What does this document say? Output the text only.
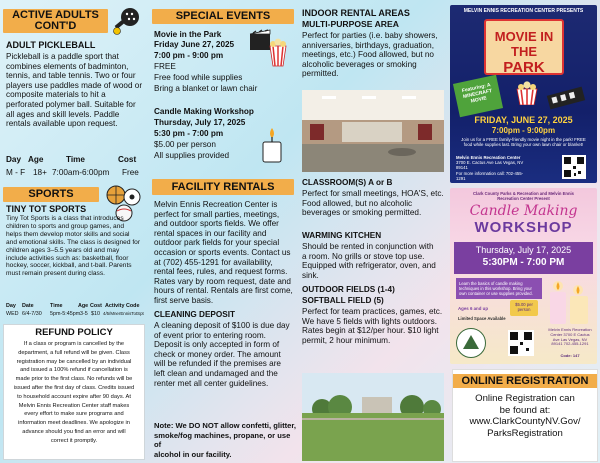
ACTIVE ADULTS CONT'D
ADULT PICKLEBALL
Pickleball is a paddle sport that
combines elements of badminton,
tennis, and table tennis. Two or four
players use paddles made of wood or
composite materials to hit a
perforated polymer ball. Suitable for
all ages and skill levels. Paddle
rentals available upon request.
Day Age	Time	Cost
M - F 18+ 7:00am-6:00pm Free
SPORTS
TINY TOT SPORTS
Tiny Tot Sports is a class that introduces
children to sports and group games, and
helps them develop motor skills and social
and emotional skills. The class is designed for
children ages 3–5.5 years old and may
include activities such as: basketball, floor
hockey, soccer, kickball, and t-ball. Parents
must remain present during class.
Day Date	Time	Age Cost Activity Code
WED 6/4-7/30 5pm-5:45pm 3-5 $10 4/5/MnerEnnisTotSpt
REFUND POLICY
If a class or program is cancelled by the
department, a full refund will be given. Class
registration may be cancelled by an individual
and issued a 100% refund if cancellation is
made prior to the first class. No refunds will be
issued after the first day of class. Credits issued
to household account expire after 90 days. At
Melvin Ennis Recreation Center staff makes
every effort to make sure programs and
information meet deadlines. We apologize in
advance should you find an error and will
correct it promptly.
SPECIAL EVENTS
Movie in the Park
Friday June 27, 2025
7:00 pm - 9:00 pm
FREE
Free food while supplies
Bring a blanket or lawn chair
Candle Making Workshop
Thursday, July 17, 2025
5:30 pm - 7:00 pm
$5.00 per person
All supplies provided
FACILITY RENTALS
Melvin Ennis Recreation Center is
perfect for small parties, meetings,
and outdoor sports fields. We offer
rental spaces in our facility and
outdoor park fields for your special
occasion or sports events. Contact us
at (702) 455-1291 for availability,
rental fees, rules, and request forms.
Rates vary by room request, date and
hours of rental. Rentals are first come,
first serve basis.
CLEANING DEPOSIT
A cleaning deposit of $100 is due day
of event prior to entering room.
Deposit is only accepted in form of
check or money order. The amount
will be refunded if the premises are
left clean and undamaged and the
renter met all center guidelines.
Note: We DO NOT allow confetti, glitter,
smoke/fog machines, propane, or use of
alcohol in our facility.
INDOOR RENTAL AREAS
MULTI-PURPOSE AREA
Perfect for parties (i.e. baby showers,
anniversaries, birthdays, graduation,
meetings, etc.) Food allowed, but no
alcoholic beverages or smoking
permitted.
CLASSROOM(S) A or B
Perfect for small meetings, HOA'S, etc.
Food allowed, but no alcoholic
beverages or smoking permitted.
WARMING KITCHEN
Should be rented in conjunction with
a room. No grills or stove top use.
Equipped with refrigerator, oven, and
sink.
OUTDOOR FIELDS (1-4)
SOFTBALL FIELD (5)
Perfect for team practices, games, etc.
We have 5 fields with lights outdoors.
Rates begin at $12/per hour. $10 light
permit, 2 hour minimum.
MELVIN ENNIS RECREATION CENTER PRESENTS
MOVIE IN THE
PARK
Featuring: A MINECRAFT MOVIE
FRIDAY, JUNE 27, 2025
7:00pm - 9:00pm
Join us for a FREE family-friendly movie night in the park! FREE food while supplies last. Bring your own lawn chair or blanket!
Melvin Ennis Recreation Center
3700 E. Cactus Ave Las Vegas, NV 89141
For more information call: 702-455-1291
Clark County Parks & Recreation and Melvin Ennis Recreation Center Present
Candle Making
WORKSHOP
Thursday, July 17, 2025
5:30PM - 7:00 PM
Learn the basics of candle making techniques in this workshop. Bring your own container or use supplies provided.
Ages 6 and up
$5.00 per person
Limited Space Available
Melvin Ennis Recreation Center 3700 E Cactus Ave Las Vegas, NV 89141 702-455-1291
Code: 147
ONLINE REGISTRATION
Online Registration can
be found at:
www.ClarkCountyNV.Gov/
ParksRegistration
